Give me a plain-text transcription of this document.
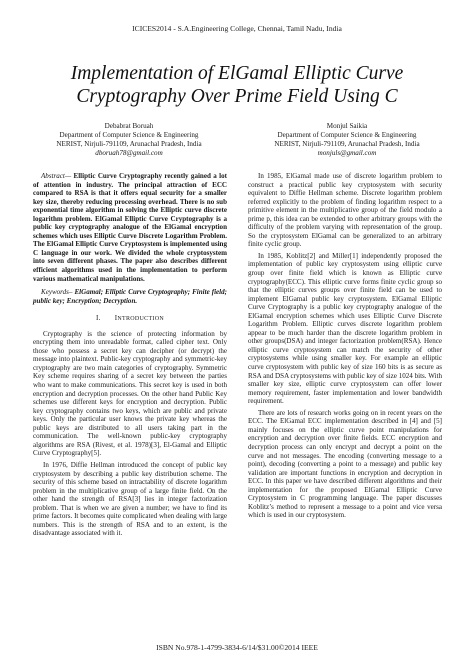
ICICES2014 - S.A.Engineering College, Chennai, Tamil Nadu, India
Implementation of ElGamal Elliptic Curve
Cryptography Over Prime Field Using C
Debabrat Boruah
Department of Computer Science & Engineering
NERIST, Nirjuli-791109, Arunachal Pradesh, India
dboruah78@gmail.com
Monjul Saikia
Department of Computer Science & Engineering
NERIST, Nirjuli-791109, Arunachal Pradesh, India
monjuls@gmail.com

Abstract— Elliptic Curve Cryptography recently gained a lot of attention in industry. The principal attraction of ECC compared to RSA is that it offers equal security for a smaller key size, thereby reducing processing overhead. There is no sub exponential time algorithm in solving the Elliptic curve discrete logarithm problem. ElGamal Elliptic Curve Cryptography is a public key cryptography analogue of the ElGamal encryption schemes which uses Elliptic Curve Discrete Logarithm Problem. The ElGamal Elliptic Curve Cryptosystem is implemented using C language in our work. We divided the whole cryptosystem into seven different phases. The paper also describes different efficient algorithms used in the implementation to perform various mathematical manipulations.

Keywords– ElGamal; Elliptic Curve Cryptography; Finite field; public key; Encryption; Decryption.

I. INTRODUCTION

Cryptography is the science of protecting information by encrypting them into unreadable format, called cipher text. Only those who possess a secret key can decipher (or decrypt) the message into plaintext. Public-key cryptography and symmetric-key cryptography are two main categories of cryptography. Symmetric Key scheme requires sharing of a secret key between the parties who want to make communications. This secret key is used in both encryption and decryption processes. On the other hand Public Key schemes use different keys for encryption and decryption. Public key cryptography contains two keys, which are public and private keys. Only the particular user knows the private key whereas the public keys are distributed to all users taking part in the communication. The well-known public-key cryptography algorithms are RSA (Rivest, et al. 1978)[3], El-Gamal and Elliptic Curve Cryptography[5].

In 1976, Diffie Hellman introduced the concept of public key cryptosystem by describing a public key distribution scheme. The security of this scheme based on intractability of discrete logarithm problem in the multiplicative group of a large finite field. On the other hand the strength of RSA[3] lies in integer factorization problem. That is when we are given a number; we have to find its prime factors. It becomes quite complicated when dealing with large numbers. This is the strength of RSA and to an extent, is the disadvantage associated with it.

In 1985, ElGamal made use of discrete logarithm problem to construct a practical public key cryptosystem with security equivalent to Diffie Hellman scheme. Discrete logarithm problem referred explicitly to the problem of finding logarithm respect to a primitive element in the multiplicative group of the field modulo a prime p, this idea can be extended to other arbitrary groups with the difficulty of the problem varying with representation of the group. So the cryptosystem ElGamal can be generalized to an arbitrary finite cyclic group.

In 1985, Koblitz[2] and Miller[1] independently proposed the implementation of public key cryptosystem using elliptic curve group over finite field which is known as Elliptic curve cryptography(ECC). This elliptic curve forms finite cyclic group so that the elliptic curves groups over finite field can be used to implement ElGamal public key cryptosystem. ElGamal Elliptic Curve Cryptography is a public key cryptography analogue of the ElGamal encryption schemes which uses Elliptic Curve Discrete Logarithm Problem. Elliptic curves discrete logarithm problem appear to be much harder than the discrete logarithm problem in other groups(DSA) and integer factorization problem(RSA). Hence elliptic curve cryptosystem can match the security of other cryptosystems while using smaller key. For example an elliptic curve cryptosystem with public key of size 160 bits is as secure as RSA and DSA cryptosystems with public key of size 1024 bits. With smaller key size, elliptic curve cryptosystem can offer lower memory requirement, faster implementation and lower bandwidth requirement.

There are lots of research works going on in recent years on the ECC. The ElGamal ECC implementation described in [4] and [5] mainly focuses on the elliptic curve point manipulations for encryption and decryption over finite fields. ECC encryption and decryption process can only encrypt and decrypt a point on the curve and not messages. The encoding (converting message to a point), decoding (converting a point to a message) and public key validation are important functions in encryption and decryption in ECC. In this paper we have described different algorithms and their implementation for the proposed ElGamal Elliptic Curve Cryptosystem in C programming language. The paper discusses Koblitz’s method to represent a message to a point and vice versa which is used in our cryptosystem.

ISBN No.978-1-4799-3834-6/14/$31.00©2014 IEEE
